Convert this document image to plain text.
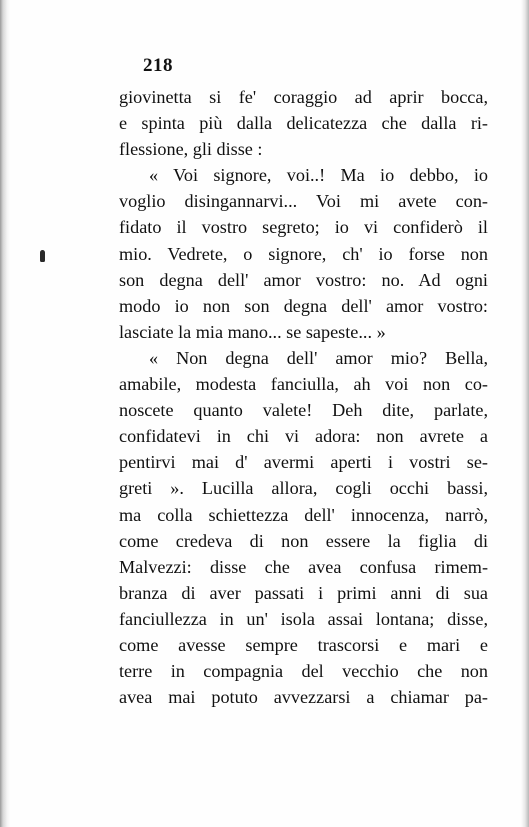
218
giovinetta si fe' coraggio ad aprir bocca,
e spinta più dalla delicatezza che dalla ri-
flessione, gli disse :
« Voi signore, voi..! Ma io debbo, io
voglio disingannarvi... Voi mi avete con-
fidato il vostro segreto; io vi confiderò il
mio. Vedrete, o signore, ch' io forse non
son degna dell' amor vostro: no. Ad ogni
modo io non son degna dell' amor vostro:
lasciate la mia mano... se sapeste... »
« Non degna dell' amor mio? Bella,
amabile, modesta fanciulla, ah voi non co-
noscete quanto valete! Deh dite, parlate,
confidatevi in chi vi adora: non avrete a
pentirvi mai d' avermi aperti i vostri se-
greti ». Lucilla allora, cogli occhi bassi,
ma colla schiettezza dell' innocenza, narrò,
come credeva di non essere la figlia di
Malvezzi: disse che avea confusa rimem-
branza di aver passati i primi anni di sua
fanciullezza in un' isola assai lontana; disse,
come avesse sempre trascorsi e mari e
terre in compagnia del vecchio che non
avea mai potuto avvezzarsi a chiamar pa-
